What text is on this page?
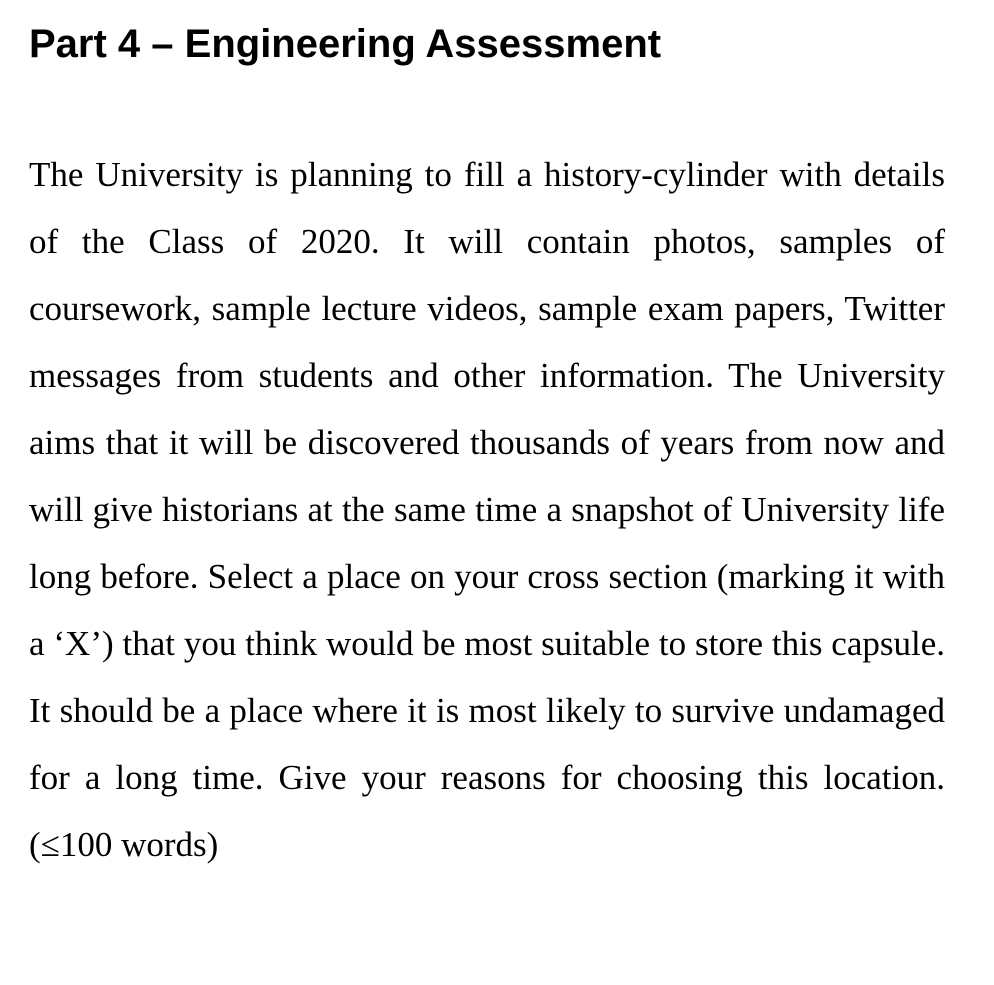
Part 4 – Engineering Assessment

The University is planning to fill a history-cylinder with details of the Class of 2020. It will contain photos, samples of coursework, sample lecture videos, sample exam papers, Twitter messages from students and other information. The University aims that it will be discovered thousands of years from now and will give historians at the same time a snapshot of University life long before. Select a place on your cross section (marking it with a ‘X’) that you think would be most suitable to store this capsule. It should be a place where it is most likely to survive undamaged for a long time. Give your reasons for choosing this location. (≤100 words)
